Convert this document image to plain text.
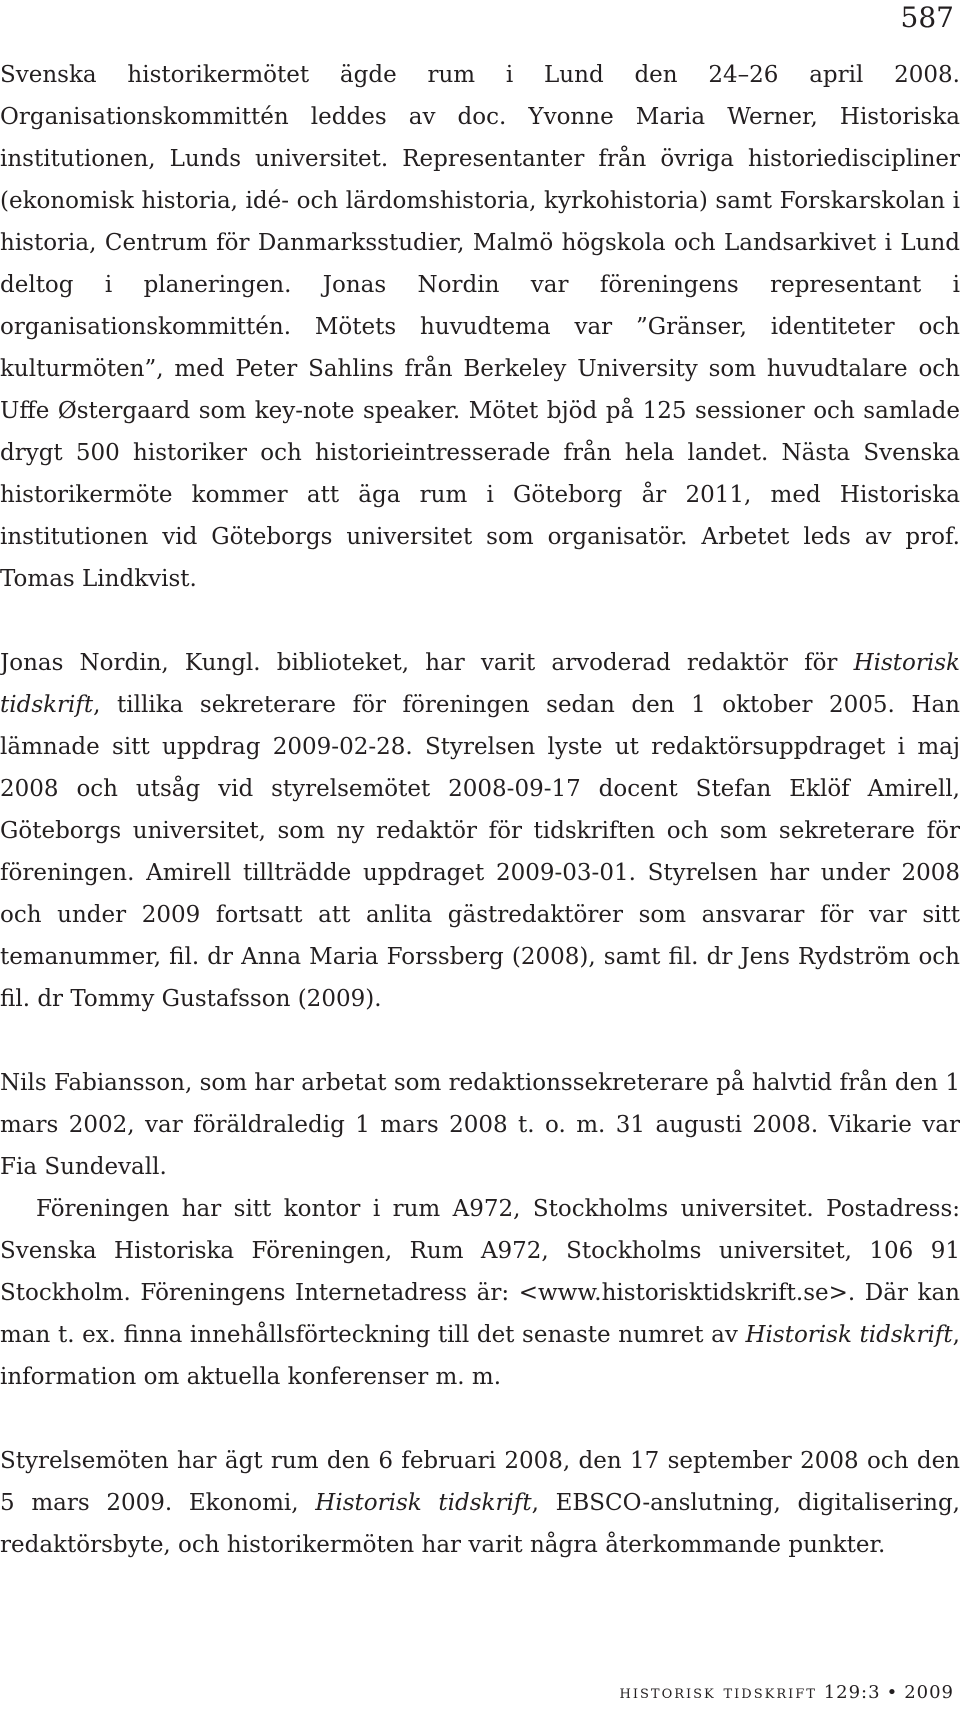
587

Svenska historikermötet ägde rum i Lund den 24–26 april 2008. Organisationskommittén leddes av doc. Yvonne Maria Werner, Historiska institutionen, Lunds universitet. Representanter från övriga historiediscipliner (ekonomisk historia, idé- och lärdomshistoria, kyrkohistoria) samt Forskarskolan i historia, Centrum för Danmarksstudier, Malmö högskola och Landsarkivet i Lund deltog i planeringen. Jonas Nordin var föreningens representant i organisationskommittén. Mötets huvudtema var ”Gränser, identiteter och kulturmöten”, med Peter Sahlins från Berkeley University som huvudtalare och Uffe Østergaard som key-note speaker. Mötet bjöd på 125 sessioner och samlade drygt 500 historiker och historieintresserade från hela landet. Nästa Svenska historikermöte kommer att äga rum i Göteborg år 2011, med Historiska institutionen vid Göteborgs universitet som organisatör. Arbetet leds av prof. Tomas Lindkvist.

Jonas Nordin, Kungl. biblioteket, har varit arvoderad redaktör för Historisk tidskrift, tillika sekreterare för föreningen sedan den 1 oktober 2005. Han lämnade sitt uppdrag 2009-02-28. Styrelsen lyste ut redaktörsuppdraget i maj 2008 och utsåg vid styrelsemötet 2008-09-17 docent Stefan Eklöf Amirell, Göteborgs universitet, som ny redaktör för tidskriften och som sekreterare för föreningen. Amirell tillträdde uppdraget 2009-03-01. Styrelsen har under 2008 och under 2009 fortsatt att anlita gästredaktörer som ansvarar för var sitt temanummer, fil. dr Anna Maria Forssberg (2008), samt fil. dr Jens Rydström och fil. dr Tommy Gustafsson (2009).

Nils Fabiansson, som har arbetat som redaktionssekreterare på halvtid från den 1 mars 2002, var föräldraledig 1 mars 2008 t. o. m. 31 augusti 2008. Vikarie var Fia Sundevall.

Föreningen har sitt kontor i rum A972, Stockholms universitet. Postadress: Svenska Historiska Föreningen, Rum A972, Stockholms universitet, 106 91 Stockholm. Föreningens Internetadress är: <www.historisktidskrift.se>. Där kan man t. ex. finna innehållsförteckning till det senaste numret av Historisk tidskrift, information om aktuella konferenser m. m.

Styrelsemöten har ägt rum den 6 februari 2008, den 17 september 2008 och den 5 mars 2009. Ekonomi, Historisk tidskrift, EBSCO-anslutning, digitalisering, redaktörsbyte, och historikermöten har varit några återkommande punkter.

historisk tidskrift 129:3 • 2009
